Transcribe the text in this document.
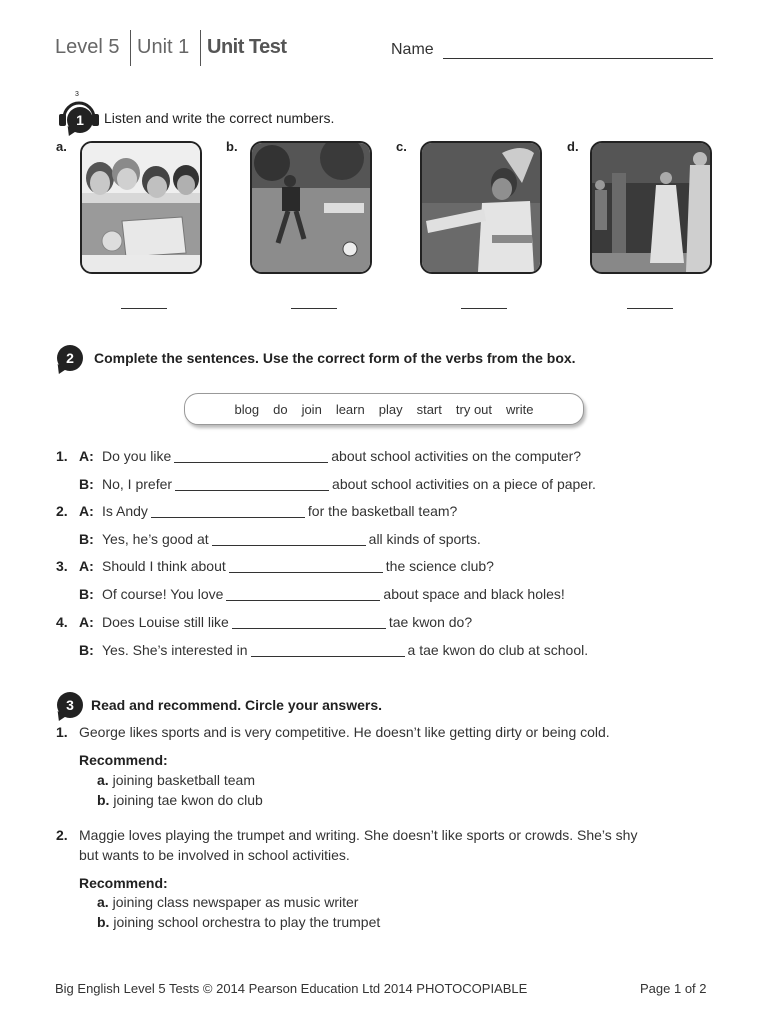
Level 5 Unit 1 Unit Test	Name
3
1	Listen and write the correct numbers.
a.	b.	c.	d.
2	Complete the sentences. Use the correct form of the verbs from the box.
blog do join learn play start try out write
1. A: Do you like	about school activities on the computer?
B: No, I prefer	about school activities on a piece of paper.
2. A: Is Andy	for the basketball team?
B: Yes, he’s good at	all kinds of sports.
3. A: Should I think about	the science club?
B: Of course! You love	about space and black holes!
4. A: Does Louise still like	tae kwon do?
B: Yes. She’s interested in	a tae kwon do club at school.
3	Read and recommend. Circle your answers.
1. George likes sports and is very competitive. He doesn’t like getting dirty or being cold.
Recommend:
a. joining basketball team
b. joining tae kwon do club
2. Maggie loves playing the trumpet and writing. She doesn’t like sports or crowds. She’s shy
but wants to be involved in school activities.
Recommend:
a. joining class newspaper as music writer
b. joining school orchestra to play the trumpet
Big English Level 5 Tests © 2014 Pearson Education Ltd 2014 PHOTOCOPIABLE	Page 1 of 2
